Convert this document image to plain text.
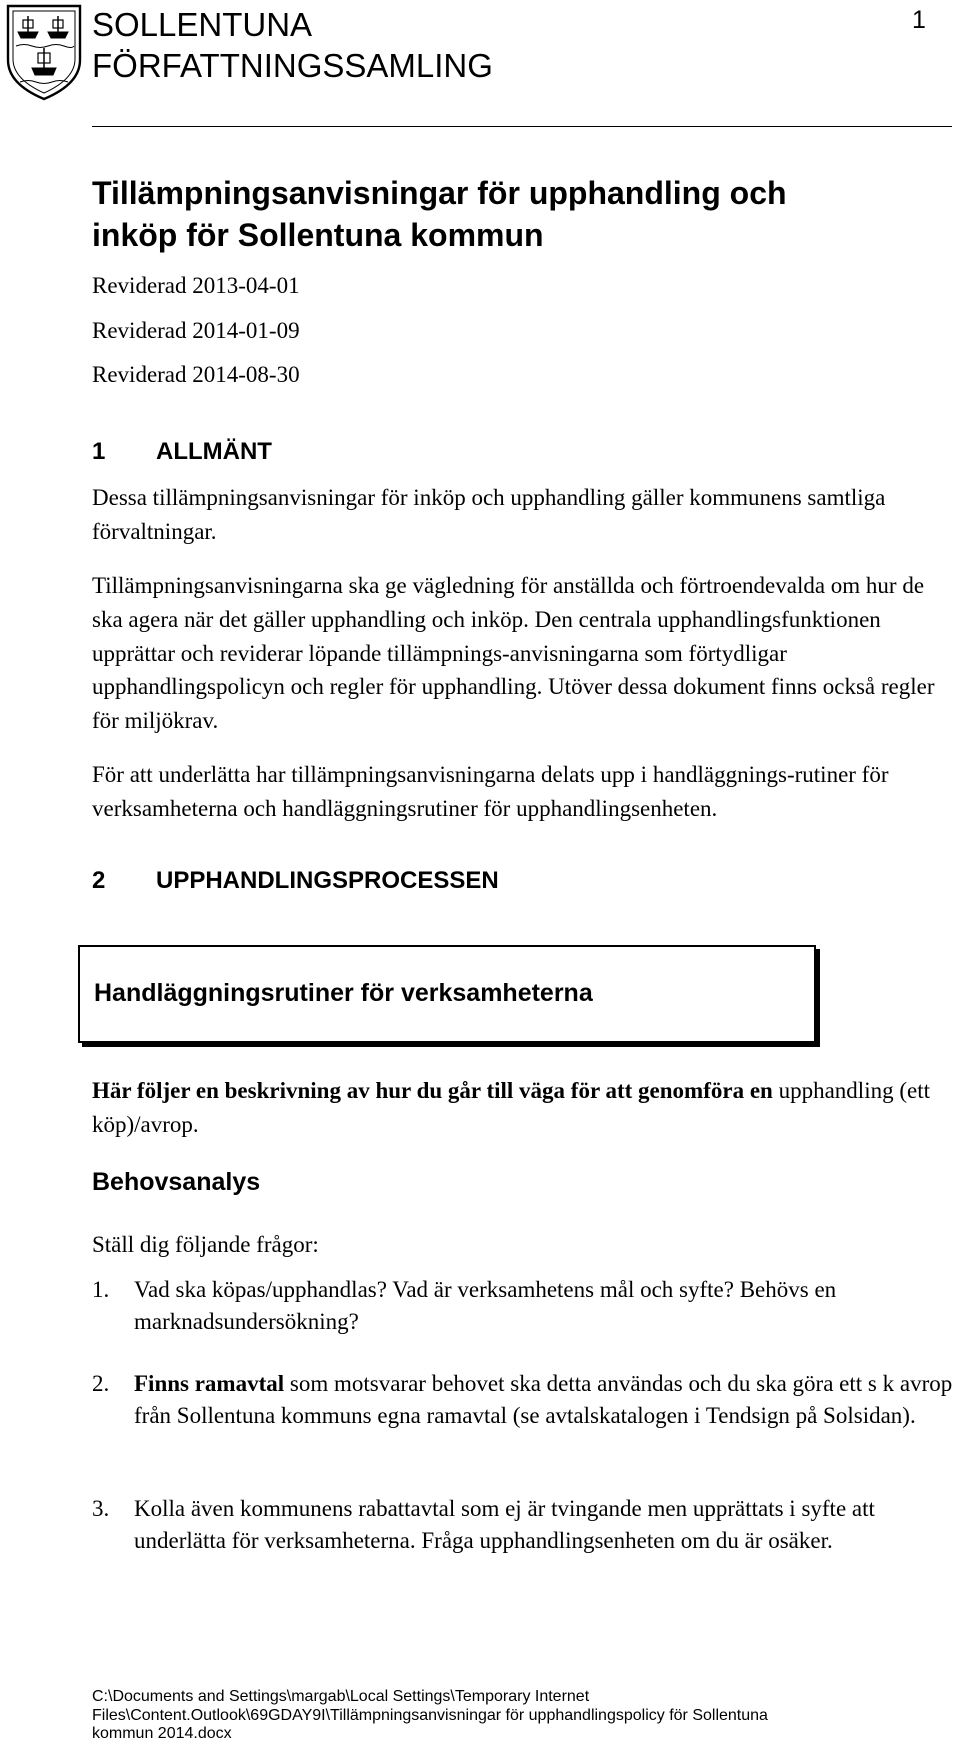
SOLLENTUNA
FÖRFATTNINGSSAMLING
1
Tillämpningsanvisningar för upphandling och
inköp för Sollentuna kommun
Reviderad 2013-04-01
Reviderad 2014-01-09
Reviderad 2014-08-30
1 ALLMÄNT

Dessa tillämpningsanvisningar för inköp och upphandling gäller kommunens samtliga förvaltningar.

Tillämpningsanvisningarna ska ge vägledning för anställda och förtroendevalda om hur de ska agera när det gäller upphandling och inköp. Den centrala upphandlingsfunktionen upprättar och reviderar löpande tillämpnings-anvisningarna som förtydligar upphandlingspolicyn och regler för upphandling. Utöver dessa dokument finns också regler för miljökrav.

För att underlätta har tillämpningsanvisningarna delats upp i handläggnings-rutiner för verksamheterna och handläggningsrutiner för upphandlingsenheten.

2 UPPHANDLINGSPROCESSEN
Handläggningsrutiner för verksamheterna

Här följer en beskrivning av hur du går till väga för att genomföra en upphandling (ett köp)/avrop.

Behovsanalys
Ställ dig följande frågor:
1. Vad ska köpas/upphandlas? Vad är verksamhetens mål och syfte? Behövs en marknadsundersökning?
2. Finns ramavtal som motsvarar behovet ska detta användas och du ska göra ett s k avrop från Sollentuna kommuns egna ramavtal (se avtalskatalogen i Tendsign på Solsidan).
3. Kolla även kommunens rabattavtal som ej är tvingande men upprättats i syfte att underlätta för verksamheterna. Fråga upphandlingsenheten om du är osäker.
C:\Documents and Settings\margab\Local Settings\Temporary Internet
Files\Content.Outlook\69GDAY9I\Tillämpningsanvisningar för upphandlingspolicy för Sollentuna
kommun 2014.docx
